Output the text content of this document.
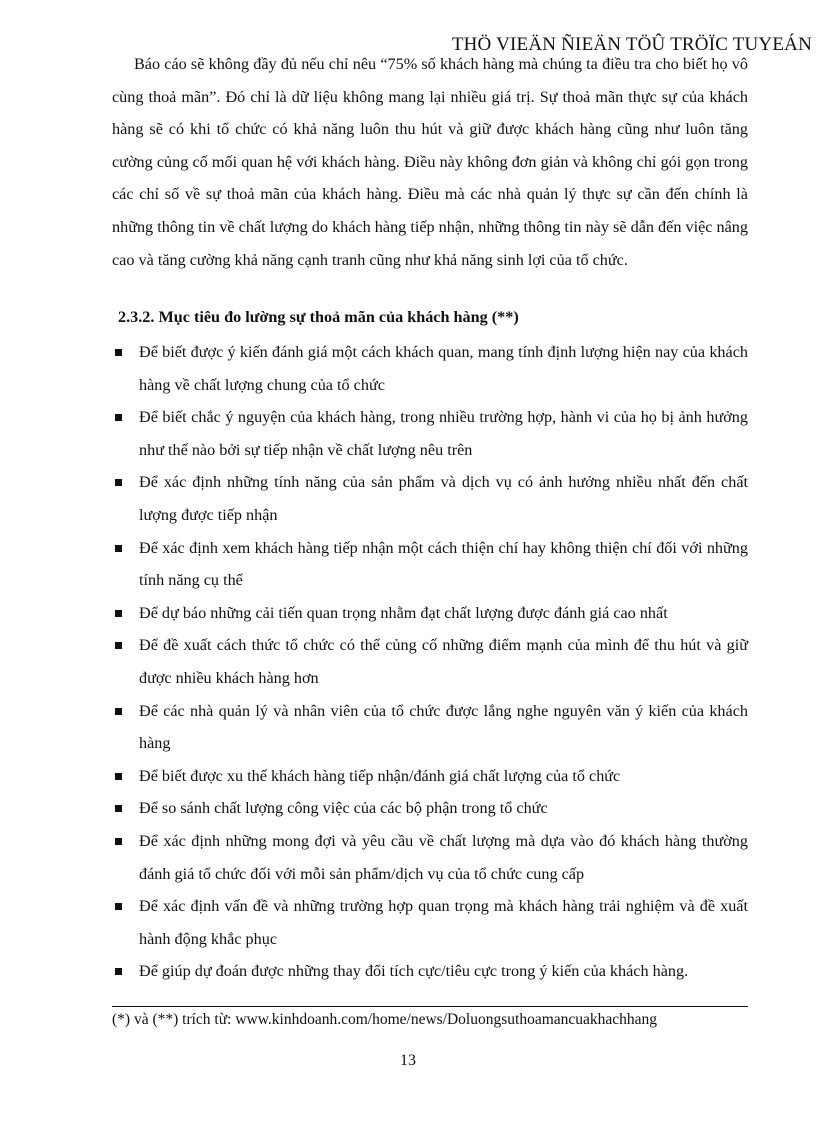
THÖ VIEÄN ÑIEÄN TÖÛ TRÖÏC TUYEÁN

Báo cáo sẽ không đầy đủ nếu chỉ nêu “75% số khách hàng mà chúng ta điều tra cho biết họ vô cùng thoả mãn”. Đó chỉ là dữ liệu không mang lại nhiều giá trị. Sự thoả mãn thực sự của khách hàng sẽ có khi tổ chức có khả năng luôn thu hút và giữ được khách hàng cũng như luôn tăng cường củng cố mối quan hệ với khách hàng. Điều này không đơn giản và không chỉ gói gọn trong các chỉ số về sự thoả mãn của khách hàng. Điều mà các nhà quản lý thực sự cần đến chính là những thông tin về chất lượng do khách hàng tiếp nhận, những thông tin này sẽ dẫn đến việc nâng cao và tăng cường khả năng cạnh tranh cũng như khả năng sinh lợi của tổ chức.

2.3.2. Mục tiêu đo lường sự thoả mãn của khách hàng (**)
Để biết được ý kiến đánh giá một cách khách quan, mang tính định lượng hiện nay của khách hàng về chất lượng chung của tổ chức
Để biết chắc ý nguyện của khách hàng, trong nhiều trường hợp, hành vi của họ bị ảnh hưởng như thế nào bởi sự tiếp nhận về chất lượng nêu trên
Để xác định những tính năng của sản phẩm và dịch vụ có ảnh hưởng nhiều nhất đến chất lượng được tiếp nhận
Để xác định xem khách hàng tiếp nhận một cách thiện chí hay không thiện chí đối với những tính năng cụ thể
Để dự báo những cải tiến quan trọng nhằm đạt chất lượng được đánh giá cao nhất
Để đề xuất cách thức tổ chức có thể củng cố những điểm mạnh của mình để thu hút và giữ được nhiều khách hàng hơn
Để các nhà quản lý và nhân viên của tổ chức được lắng nghe nguyên văn ý kiến của khách hàng
Để biết được xu thế khách hàng tiếp nhận/đánh giá chất lượng của tổ chức
Để so sánh chất lượng công việc của các bộ phận trong tổ chức
Để xác định những mong đợi và yêu cầu về chất lượng mà dựa vào đó khách hàng thường đánh giá tổ chức đối với mỗi sản phẩm/dịch vụ của tổ chức cung cấp
Để xác định vấn đề và những trường hợp quan trọng mà khách hàng trải nghiệm và đề xuất hành động khắc phục
Để giúp dự đoán được những thay đổi tích cực/tiêu cực trong ý kiến của khách hàng.
(*) và (**) trích từ: www.kinhdoanh.com/home/news/Doluongsuthoamancuakhachhang
13
